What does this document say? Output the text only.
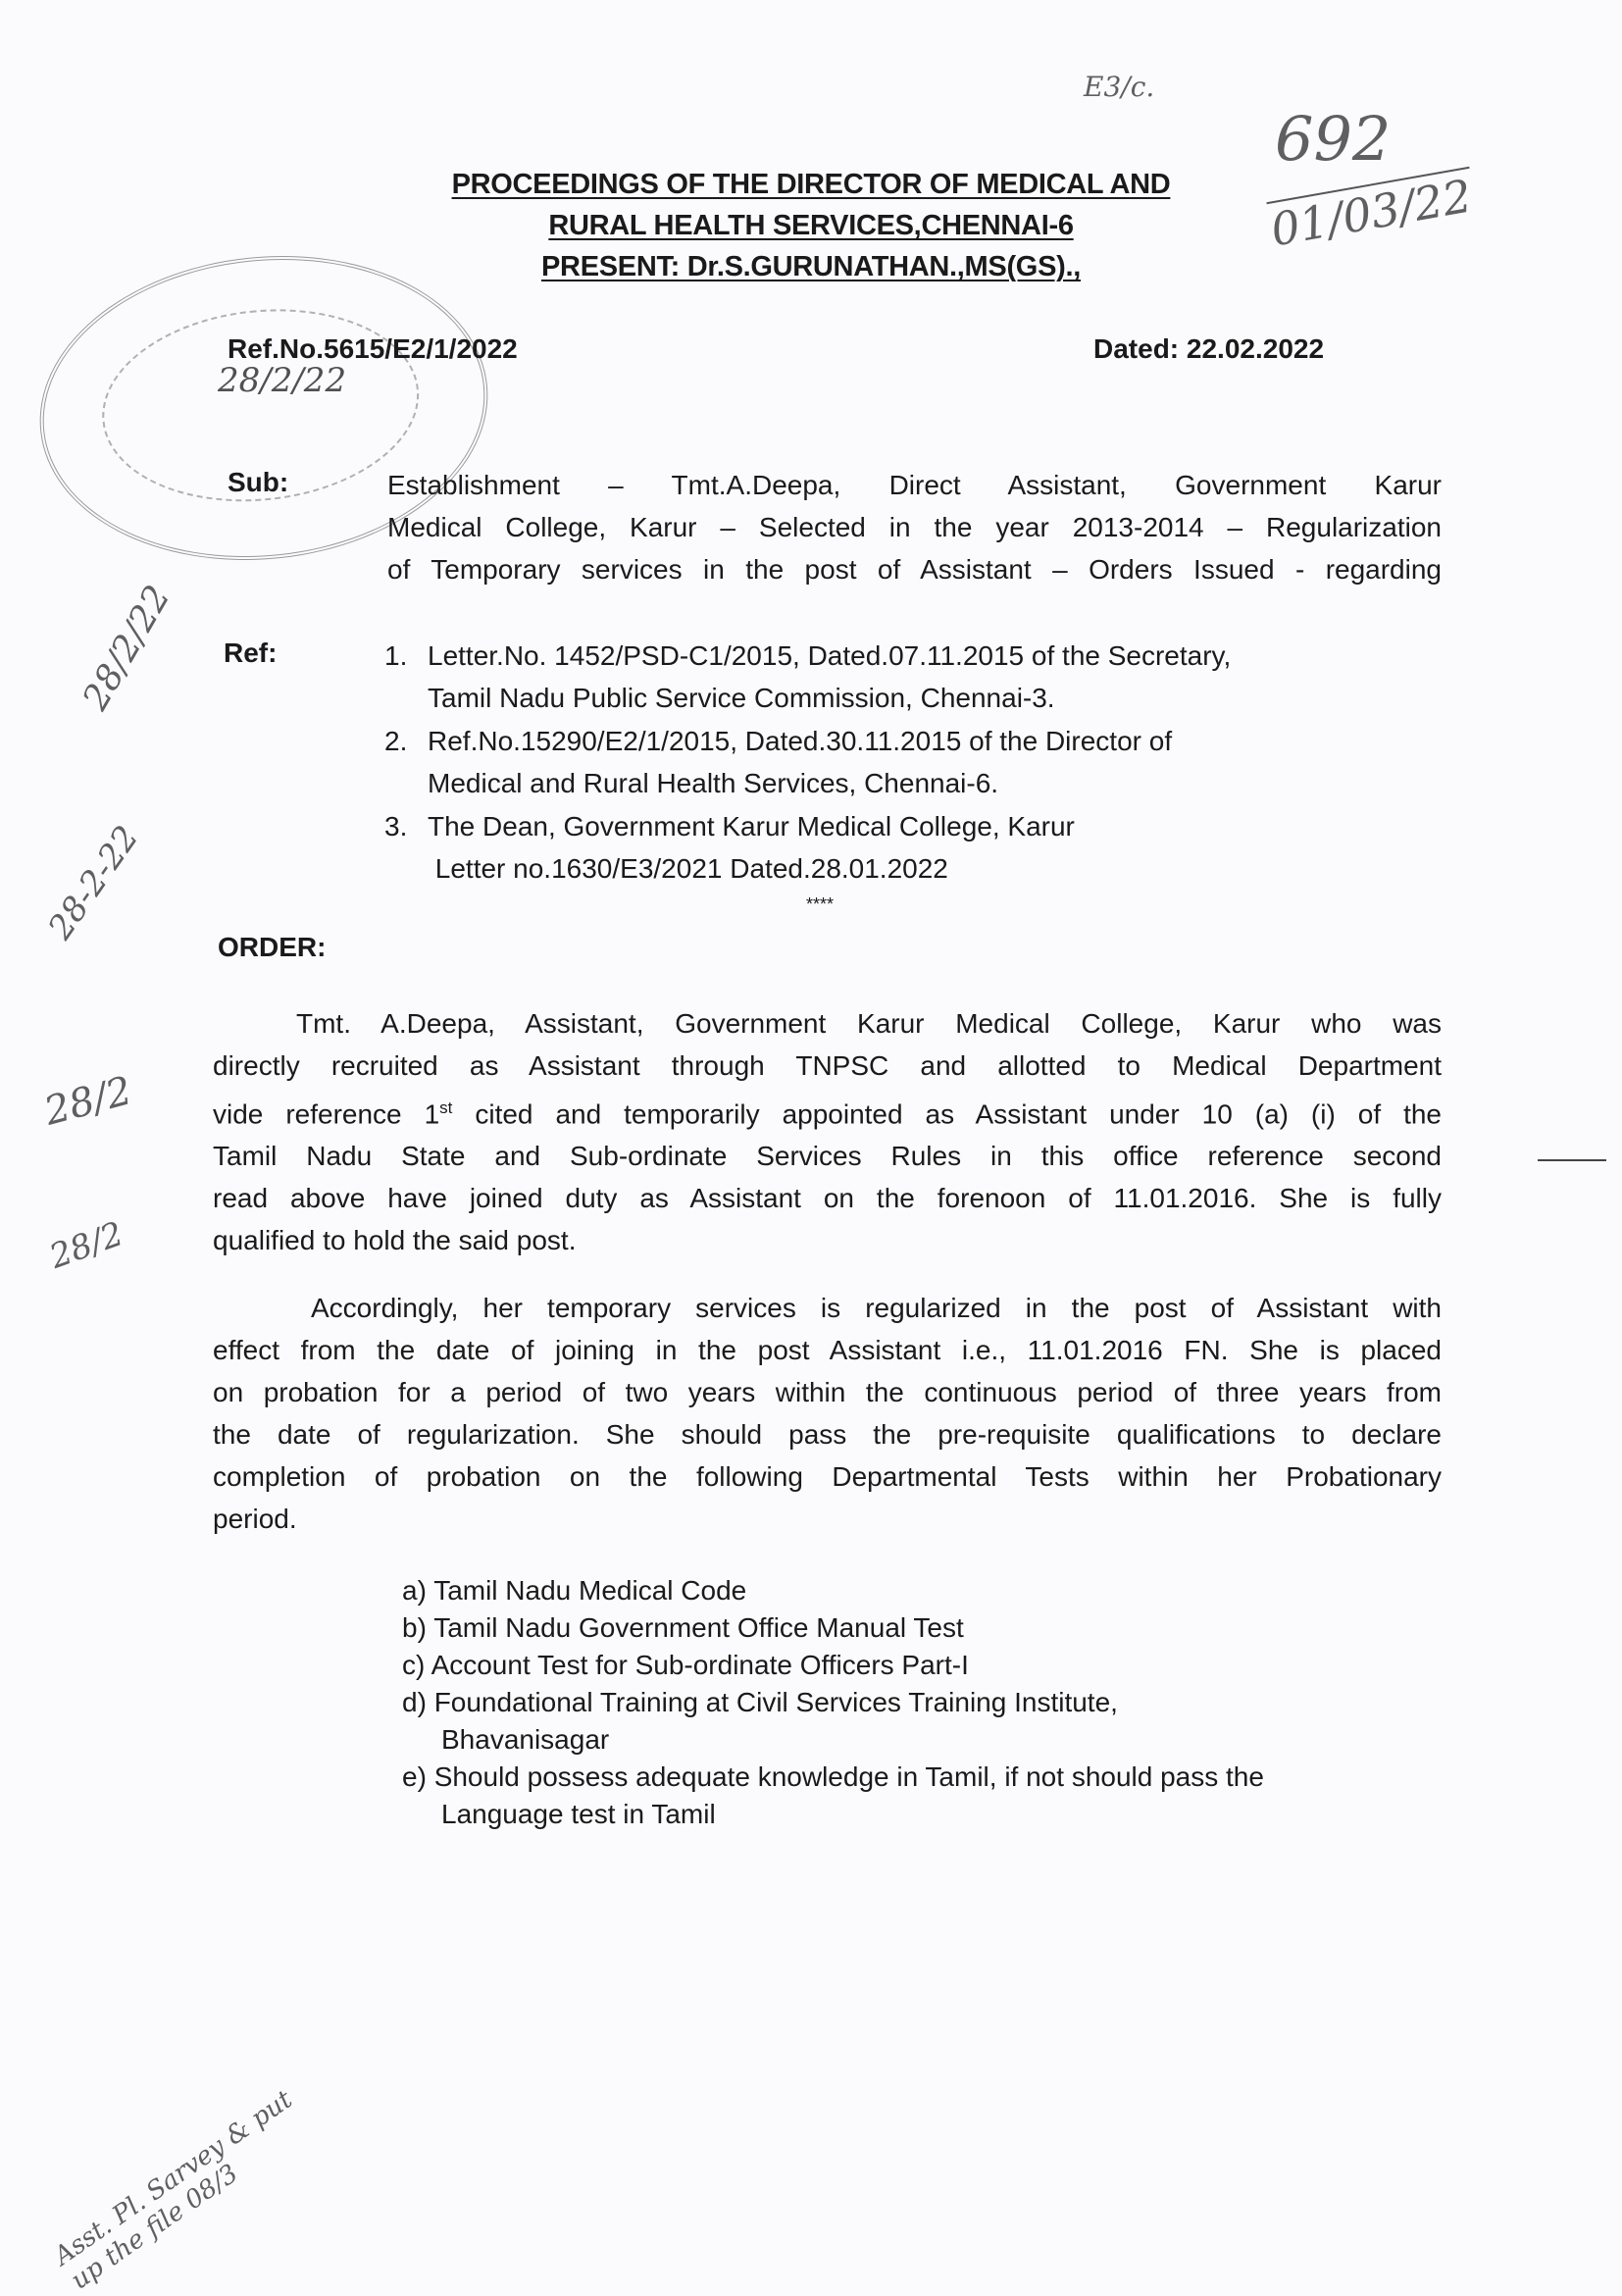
E3/c.
692
01/03/22
PROCEEDINGS OF THE DIRECTOR OF MEDICAL AND
RURAL HEALTH SERVICES,CHENNAI-6
PRESENT: Dr.S.GURUNATHAN.,MS(GS).,
28/2/22
Ref.No.5615/E2/1/2022	Dated: 22.02.2022
Sub:	Establishment – Tmt.A.Deepa, Direct Assistant, Government Karur
Medical College, Karur – Selected in the year 2013-2014 – Regularization
of Temporary services in the post of Assistant – Orders Issued - regarding
Ref:	1. Letter.No. 1452/PSD-C1/2015, Dated.07.11.2015 of the Secretary,
Tamil Nadu Public Service Commission, Chennai-3.
2. Ref.No.15290/E2/1/2015, Dated.30.11.2015 of the Director of
Medical and Rural Health Services, Chennai-6.
3. The Dean, Government Karur Medical College, Karur
Letter no.1630/E3/2021 Dated.28.01.2022
****
28/2/22
28-2-22
28/2
28/2
ORDER:
Tmt. A.Deepa, Assistant, Government Karur Medical College, Karur who was
directly recruited as Assistant through TNPSC and allotted to Medical Department
vide reference 1st cited and temporarily appointed as Assistant under 10 (a) (i) of the
Tamil Nadu State and Sub-ordinate Services Rules in this office reference second
read above have joined duty as Assistant on the forenoon of 11.01.2016. She is fully
qualified to hold the said post.
Accordingly, her temporary services is regularized in the post of Assistant with
effect from the date of joining in the post Assistant i.e., 11.01.2016 FN. She is placed
on probation for a period of two years within the continuous period of three years from
the date of regularization. She should pass the pre-requisite qualifications to declare
completion of probation on the following Departmental Tests within her Probationary
period.
a) Tamil Nadu Medical Code
b) Tamil Nadu Government Office Manual Test
c) Account Test for Sub-ordinate Officers Part-I
d) Foundational Training at Civil Services Training Institute,
Bhavanisagar
e) Should possess adequate knowledge in Tamil, if not should pass the
Language test in Tamil
Asst. Pl. Sarvey & put up the file 08/3
